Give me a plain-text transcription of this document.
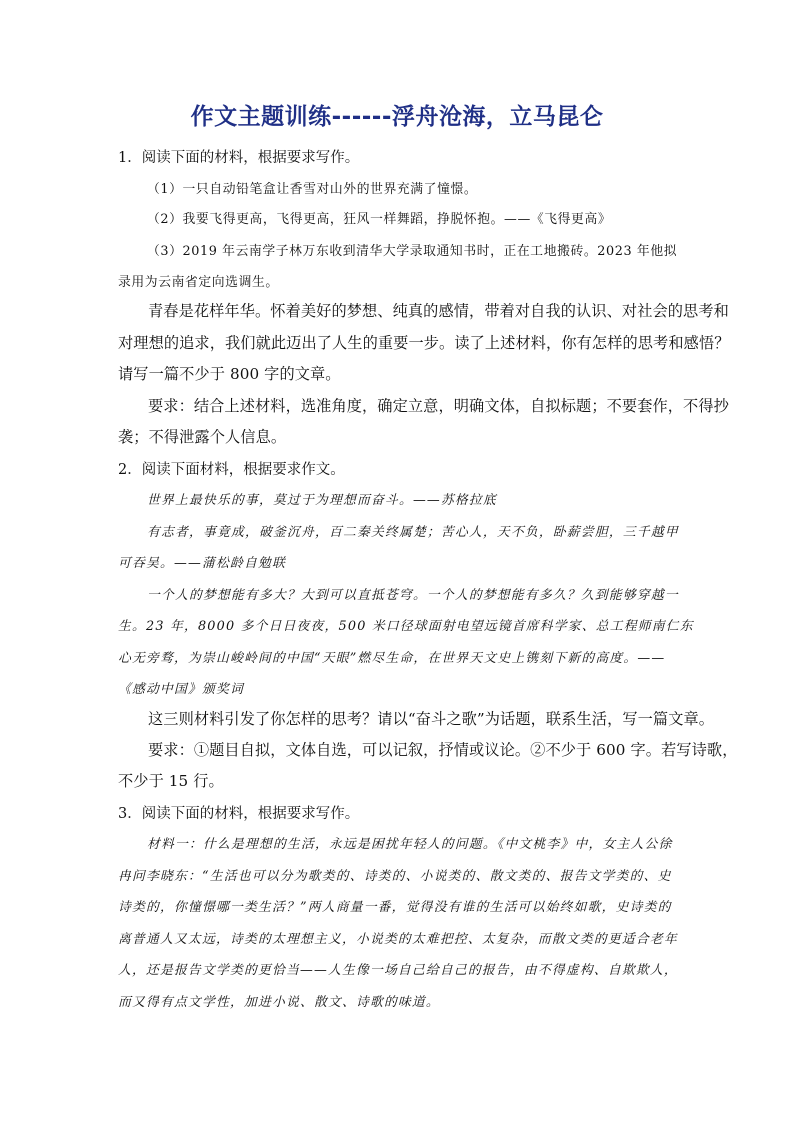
作文主题训练------浮舟沧海，立马昆仑
1．阅读下面的材料，根据要求写作。
（1）一只自动铅笔盒让香雪对山外的世界充满了憧憬。
（2）我要飞得更高，飞得更高，狂风一样舞蹈，挣脱怀抱。——《飞得更高》
（3）2019 年云南学子林万东收到清华大学录取通知书时，正在工地搬砖。2023 年他拟
录用为云南省定向选调生。
青春是花样年华。怀着美好的梦想、纯真的感情，带着对自我的认识、对社会的思考和
对理想的追求，我们就此迈出了人生的重要一步。读了上述材料，你有怎样的思考和感悟？
请写一篇不少于 800 字的文章。
要求：结合上述材料，选准角度，确定立意，明确文体，自拟标题；不要套作，不得抄
袭；不得泄露个人信息。
2．阅读下面材料，根据要求作文。
世界上最快乐的事，莫过于为理想而奋斗。——苏格拉底
有志者，事竟成，破釜沉舟，百二秦关终属楚；苦心人，天不负，卧薪尝胆，三千越甲
可吞吴。——蒲松龄自勉联
一个人的梦想能有多大？大到可以直抵苍穹。一个人的梦想能有多久？久到能够穿越一
生。23 年，8000 多个日日夜夜，500 米口径球面射电望远镜首席科学家、总工程师南仁东
心无旁骛，为崇山峻岭间的中国“天眼”燃尽生命，在世界天文史上镌刻下新的高度。——
《感动中国》颁奖词
这三则材料引发了你怎样的思考？请以“奋斗之歌”为话题，联系生活，写一篇文章。
要求：①题目自拟，文体自选，可以记叙，抒情或议论。②不少于 600 字。若写诗歌，
不少于 15 行。
3．阅读下面的材料，根据要求写作。
材料一：什么是理想的生活，永远是困扰年轻人的问题。《中文桃李》中，女主人公徐
冉问李晓东：“生活也可以分为歌类的、诗类的、小说类的、散文类的、报告文学类的、史
诗类的，你憧憬哪一类生活？”两人商量一番，觉得没有谁的生活可以始终如歌，史诗类的
离普通人又太远，诗类的太理想主义，小说类的太难把控、太复杂，而散文类的更适合老年
人，还是报告文学类的更恰当——人生像一场自己给自己的报告，由不得虚构、自欺欺人，
而又得有点文学性，加进小说、散文、诗歌的味道。
